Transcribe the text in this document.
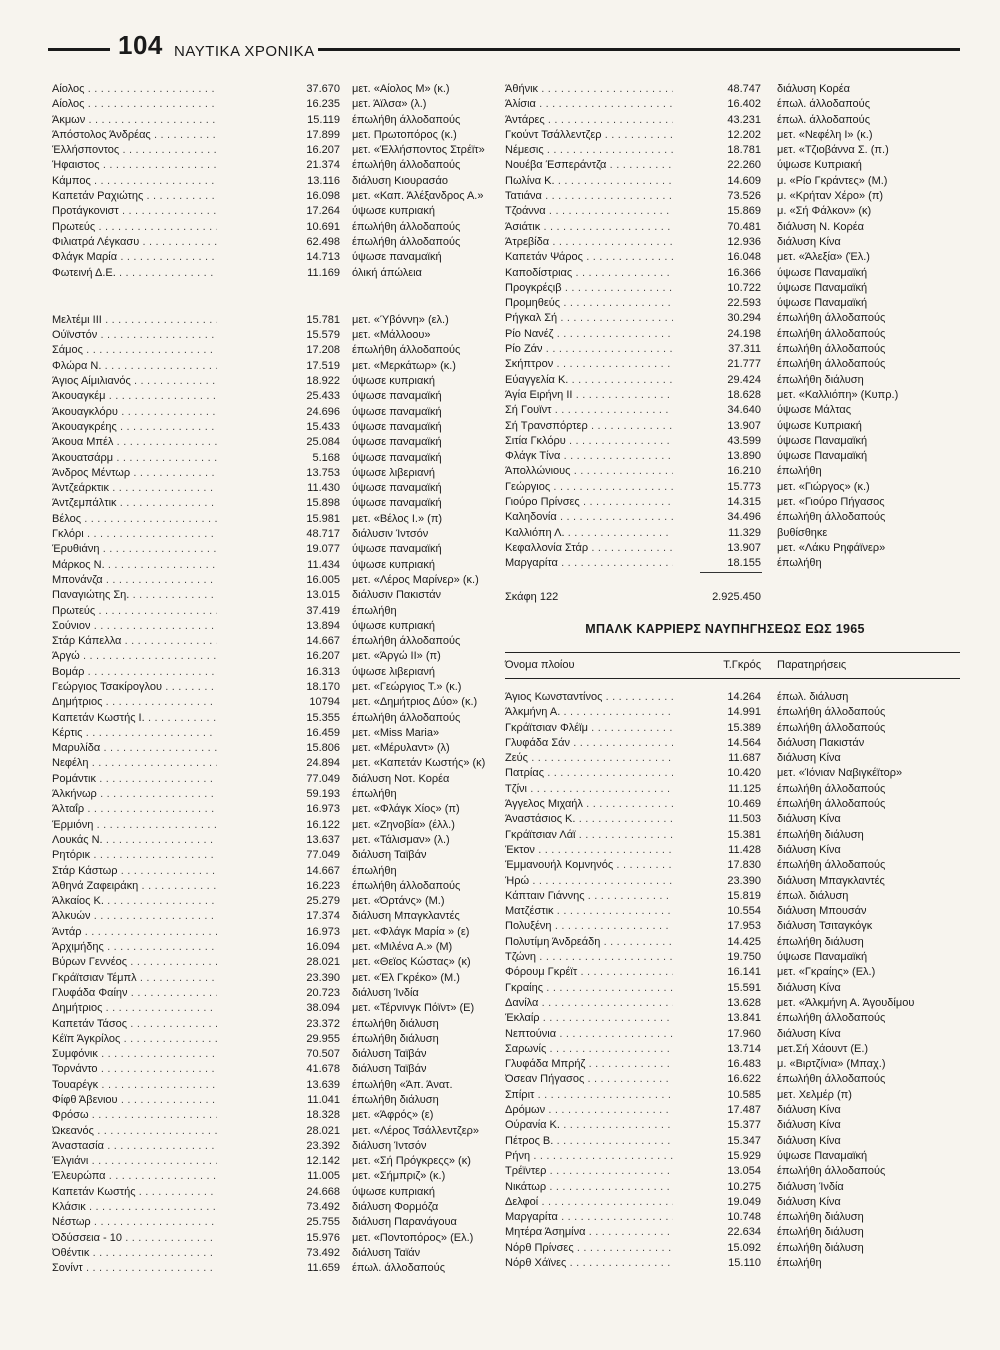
104 ΝΑΥΤΙΚΑ ΧΡΟΝΙΚΑ
Αίολος . . .	37.670 μετ. «Αίολος Μ» (κ.)
Αίολος . . .	16.235 μετ. Άϊλσα» (λ.)
Άκμων . . .	15.119 έπωλήθη άλλοδαπούς
Άπόστολος Άνδρέας . . .	17.899 μετ. Πρωτοπόρος (κ.)
Έλλήσποντος . . .	16.207 μετ. «Έλλήσποντος Στρέϊτ»
Ήφαιστος . . .	21.374 έπωλήθη άλλοδαπούς
Κάμπος . . .	13.116 διάλυση Κιουρασάο
Καπετάν Ραχιώτης . . .	16.098 μετ. «Καπ. Άλέξανδρος Α.»
Προτάγκονιστ . . .	17.264 ύψωσε κυπριακή
Πρωτεύς . . .	10.691 έπωλήθη άλλοδαπούς
Φιλιατρά Λέγκασυ . . .	62.498 έπωλήθη άλλοδαπούς
Φλάγκ Μαρία . . .	14.713 ύψωσε παναμαϊκή
Φωτεινή Δ.Ε. . . .	11.169 όλική άπώλεια
Μελτέμι ΙΙΙ . . .	15.781 μετ. «Ύβόννη» (ελ.)
Ούϊνστόν . . .	15.579 μετ. «Μάλλοου»
Σάμος . . .	17.208 έπωλήθη άλλοδαπούς
Φλώρα Ν. . . .	17.519 μετ. «Μερκάτωρ» (κ.)
Άγιος Αίμιλιανός . . .	18.922 ύψωσε κυπριακή
Άκουαγκέμ . . .	25.433 ύψωσε παναμαϊκή
Άκουαγκλόρυ . . .	24.696 ύψωσε παναμαϊκή
Άκουαγκρέης . . .	15.433 ύψωσε παναμαϊκή
Άκουα Μπέλ . . .	25.084 ύψωσε παναμαϊκή
Άκουατσάρμ . . .	5.168 ύψωσε παναμαϊκή
Άνδρος Μέντωρ . . .	13.753 ύψωσε λιβεριανή
Άντζεάρκτικ . . .	11.430 ύψωσε παναμαϊκή
Άντζεμπάλτικ . . .	15.898 ύψωσε παναμαϊκή
Βέλος . . .	15.981 μετ. «Βέλος Ι.» (π)
Γκλόρι . . .	48.717 διάλυσιν Ίντσόν
Έρυθιάνη . . .	19.077 ύψωσε παναμαϊκή
Μάρκος Ν. . . .	11.434 ύψωσε κυπριακή
Μπονάνζα . . .	16.005 μετ. «Λέρος Μαρίνερ» (κ.)
Παναγιώτης Ση. . . .	13.015 διάλυσιν Πακιστάν
Πρωτεύς . . .	37.419 έπωλήθη
Σούνιον . . .	13.894 ύψωσε κυπριακή
Στάρ Κάπελλα . . .	14.667 έπωλήθη άλλοδαπούς
Άργώ . . .	16.207 μετ. «Άργώ ΙΙ» (π)
Βομάρ . . .	16.313 ύψωσε λιβεριανή
Γεώργιος Τσακίρογλου . . .	18.170 μετ. «Γεώργιος Τ.» (κ.)
Δημήτριος . . .	10794 μετ. «Δημήτριος Δύο» (κ.)
Καπετάν Κωστής Ι. . . .	15.355 έπωλήθη άλλοδαπούς
Κέρτις . . .	16.459 μετ. «Miss Maria»
Μαρυλίδα . . .	15.806 μετ. «Μέρυλαντ» (λ)
Νεφέλη . . .	24.894 μετ. «Καπετάν Κωστής» (κ)
Ρομάντικ . . .	77.049 διάλυση Νοτ. Κορέα
Άλκήνωρ . . .	59.193 έπωλήθη
Άλταΐρ . . .	16.973 μετ. «Φλάγκ Χίος» (π)
Έρμιόνη . . .	16.122 μετ. «Ζηνοβία» (έλλ.)
Λουκάς Ν. . . .	13.637 μετ. «Τάλισμαν» (λ.)
Ρητόρικ . . .	77.049 διάλυση Ταϊβάν
Στάρ Κάστωρ . . .	14.667 έπωλήθη
Άθηνά Ζαφειράκη . . .	16.223 έπωλήθη άλλοδαπούς
Άλκαίος Κ. . . .	25.279 μετ. «Όρτάνς» (Μ.)
Άλκυών . . .	17.374 διάλυση Μπαγκλαντές
Άντάρ . . .	16.973 μετ. «Φλάγκ Μαρία » (ε)
Άρχιμήδης . . .	16.094 μετ. «Μιλένα Α.» (Μ)
Βύρων Γεννέος . . .	28.021 μετ. «Θεϊος Κώστας» (κ)
Γκράϊτσιαν Τέμπλ . . .	23.390 μετ. «Έλ Γκρέκο» (Μ.)
Γλυφάδα Φαίην . . .	20.723 διάλυση Ίνδία
Δημήτριος . . .	38.094 μετ. «Τέρνινγκ Πόϊντ» (Ε)
Καπετάν Τάσος . . .	23.372 έπωλήθη διάλυση
Κέϊπ Άγκρίλος . . .	29.955 έπωλήθη διάλυση
Συμφόνικ . . .	70.507 διάλυση Ταϊβάν
Τορνάντο . . .	41.678 διάλυση Ταϊβάν
Τουαρέγκ . . .	13.639 έπωλήθη «Άπ. Άνατ.
Φίφθ Άβενιου . . .	11.041 έπωλήθη διάλυση
Φρόσω . . .	18.328 μετ. «Άφρός» (ε)
Ώκεανός . . .	28.021 μετ. «Λέρος Τσάλλεντζερ»
Άναστασία . . .	23.392 διάλυση Ίντσόν
Έλγιάνι . . .	12.142 μετ. «Σή Πρόγκρεςς» (κ)
Έλευρώπα . . .	11.005 μετ. «Σήμπριζ» (κ.)
Καπετάν Κωστής . . .	24.668 ύψωσε κυπριακή
Κλάσικ . . .	73.492 διάλυση Φορμόζα
Νέστωρ . . .	25.755 διάλυση Παρανάγουα
Όδύσσεια - 10 . . .	15.976 μετ. «Ποντοπόρος» (Ελ.)
Όθέντικ . . .	73.492 διάλυση Ταϊάν
Σονίντ . . .	11.659 έπωλ. άλλοδαπούς
Άθήνικ . . .	48.747 διάλυση Κορέα
Άλίσια . . .	16.402 έπωλ. άλλοδαπούς
Άντάρες . . .	43.231 έπωλ. άλλοδαπούς
Γκούντ Τσάλλεντζερ . . .	12.202 μετ. «Νεφέλη Ι» (κ.)
Νέμεσις . . .	18.781 μετ. «Τζιοβάννα Σ. (π.)
Νουέβα Έσπεράντζα . . .	22.260 ύψωσε Κυπριακή
Πωλίνα Κ. . . .	14.609 μ. «Ρίο Γκράντες» (Μ.)
Τατιάνα . . .	73.526 μ. «Κρήταν Χέρο» (π)
Τζοάννα . . .	15.869 μ. «Σή Φάλκον» (κ)
Άσιάτικ . . .	70.481 διάλυση Ν. Κορέα
Άτρεβίδα . . .	12.936 διάλυση Κίνα
Καπετάν Ψάρος . . .	16.048 μετ. «Άλεξία» (Έλ.)
Καποδίστριας . . .	16.366 ύψωσε Παναμαϊκή
Προγκρέςιβ . . .	10.722 ύψωσε Παναμαϊκή
Προμηθεύς . . .	22.593 ύψωσε Παναμαϊκή
Ρήγκαλ Σή . . .	30.294 έπωλήθη άλλοδαπούς
Ρίο Νανέζ . . .	24.198 έπωλήθη άλλοδαπούς
Ρίο Ζάν . . .	37.311 έπωλήθη άλλοδαπούς
Σκήπτρον . . .	21.777 έπωλήθη άλλοδαπούς
Εύαγγελία Κ. . . .	29.424 έπωλήθη διάλυση
Άγία Ειρήνη ΙΙ . . .	18.628 μετ. «Καλλιόπη» (Κυπρ.)
Σή Γουϊντ . . .	34.640 ύψωσε Μάλτας
Σή Τρανσπόρτερ . . .	13.907 ύψωσε Κυπριακή
Σιτία Γκλόρυ . . .	43.599 ύψωσε Παναμαϊκή
Φλάγκ Τίνα . . .	13.890 ύψωσε Παναμαϊκή
Άπολλώνιους . . .	16.210 έπωλήθη
Γεώργιος . . .	15.773 μετ. «Γιώργος» (κ.)
Γιούρο Πρίνσες . . .	14.315 μετ. «Γιούρο Πήγασος
Καληδονία . . .	34.496 έπωλήθη άλλοδαπούς
Καλλιόπη Λ. . . .	11.329 βυθίσθηκε
Κεφαλλονία Στάρ . . .	13.907 μετ. «Λάκυ Ρηφάϊνερ»
Μαργαρίτα . . .	18.155 έπωλήθη
Σκάφη 122	2.925.450
ΜΠΑΛΚ ΚΑΡΡΙΕΡΣ ΝΑΥΠΗΓΗΣΕΩΣ ΕΩΣ 1965
Όνομα πλοίου	Τ.Γκρός Παρατηρήσεις
Άγιος Κωνσταντίνος . . .	14.264 έπωλ. διάλυση
Άλκμήνη Α. . . .	14.991 έπωλήθη άλλοδαπούς
Γκράϊτσιαν Φλέϊμ . . .	15.389 έπωλήθη άλλοδαπούς
Γλυφάδα Σάν . . .	14.564 διάλυση Πακιστάν
Ζεύς . . .	11.687 διάλυση Κίνα
Πατρίας . . .	10.420 μετ. «Ίόνιαν Ναβιγκέϊτορ»
Τζίνι . . .	11.125 έπωλήθη άλλοδαπούς
Άγγελος Μιχαήλ . . .	10.469 έπωλήθη άλλοδαπούς
Άναστάσιος Κ. . . .	11.503 διάλυση Κίνα
Γκράϊτσιαν Λάϊ . . .	15.381 έπωλήθη διάλυση
Έκτον . . .	11.428 διάλυση Κίνα
Έμμανουήλ Κομνηνός . . .	17.830 έπωλήθη άλλοδαπούς
Ήρώ . . .	23.390 διάλυση Μπαγκλαντές
Κάπταιν Γιάννης . . .	15.819 έπωλ. διάλυση
Ματζέστικ . . .	10.554 διάλυση Μπουσάν
Πολυξένη . . .	17.953 διάλυση Τσιταγκόγκ
Πολυτίμη Άνδρεάδη . . .	14.425 έπωλήθη διάλυση
Τζώνη . . .	19.750 ύψωσε Παναμαϊκή
Φόρουμ Γκρέϊτ . . .	16.141 μετ. «Γκραίης» (Ελ.)
Γκραίης . . .	15.591 διάλυση Κίνα
Δανίλα . . .	13.628 μετ. «Άλκμήνη Α. Άγουδίμου
Έκλαίρ . . .	13.841 έπωλήθη άλλοδαπούς
Νεπτούνια . . .	17.960 διάλυση Κίνα
Σαρωνίς . . .	13.714 μετ.Σή Χάουντ (Ε.)
Γλυφάδα Μπρήζ . . .	16.483 μ. «Βιρτζίνια» (Μπαχ.)
Όσεαν Πήγασος . . .	16.622 έπωλήθη άλλοδαπούς
Σπίριτ . . .	10.585 μετ. Χελμέρ (π)
Δρόμων . . .	17.487 διάλυση Κίνα
Ούρανία Κ. . . .	15.377 διάλυση Κίνα
Πέτρος Β. . . .	15.347 διάλυση Κίνα
Ρήνη . . .	15.929 ύψωσε Παναμαϊκή
Τρέϊντερ . . .	13.054 έπωλήθη άλλοδαπούς
Νικάτωρ . . .	10.275 διάλυση Ίνδία
Δελφοί . . .	19.049 διάλυση Κίνα
Μαργαρίτα . . .	10.748 έπωλήθη διάλυση
Μητέρα Άσημίνα . . .	22.634 έπωλήθη διάλυση
Νόρθ Πρίνσες . . .	15.092 έπωλήθη διάλυση
Νόρθ Χάϊνες . . .	15.110 έπωλήθη
